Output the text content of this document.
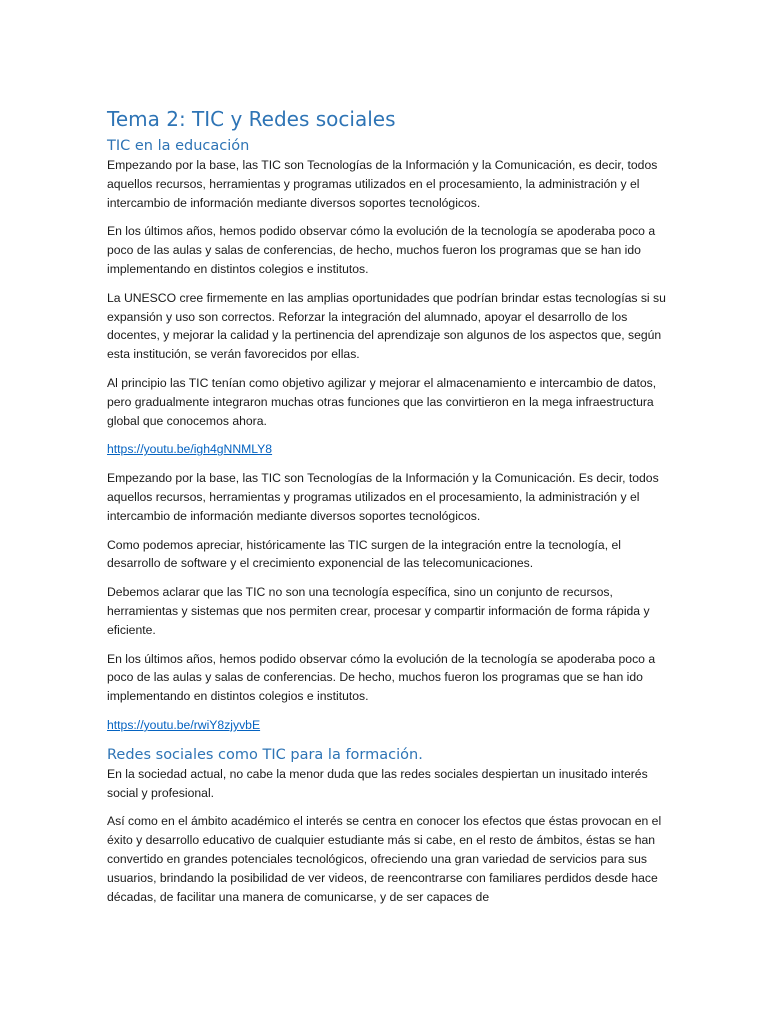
Tema 2: TIC y Redes sociales
TIC en la educación

Empezando por la base, las TIC son Tecnologías de la Información y la Comunicación, es decir, todos aquellos recursos, herramientas y programas utilizados en el procesamiento, la administración y el intercambio de información mediante diversos soportes tecnológicos.

En los últimos años, hemos podido observar cómo la evolución de la tecnología se apoderaba poco a poco de las aulas y salas de conferencias, de hecho, muchos fueron los programas que se han ido implementando en distintos colegios e institutos.

La UNESCO cree firmemente en las amplias oportunidades que podrían brindar estas tecnologías si su expansión y uso son correctos. Reforzar la integración del alumnado, apoyar el desarrollo de los docentes, y mejorar la calidad y la pertinencia del aprendizaje son algunos de los aspectos que, según esta institución, se verán favorecidos por ellas.

Al principio las TIC tenían como objetivo agilizar y mejorar el almacenamiento e intercambio de datos, pero gradualmente integraron muchas otras funciones que las convirtieron en la mega infraestructura global que conocemos ahora.

https://youtu.be/igh4gNNMLY8

Empezando por la base, las TIC son Tecnologías de la Información y la Comunicación. Es decir, todos aquellos recursos, herramientas y programas utilizados en el procesamiento, la administración y el intercambio de información mediante diversos soportes tecnológicos.

Como podemos apreciar, históricamente las TIC surgen de la integración entre la tecnología, el desarrollo de software y el crecimiento exponencial de las telecomunicaciones.

Debemos aclarar que las TIC no son una tecnología específica, sino un conjunto de recursos, herramientas y sistemas que nos permiten crear, procesar y compartir información de forma rápida y eficiente.

En los últimos años, hemos podido observar cómo la evolución de la tecnología se apoderaba poco a poco de las aulas y salas de conferencias. De hecho, muchos fueron los programas que se han ido implementando en distintos colegios e institutos.

https://youtu.be/rwiY8zjyvbE
Redes sociales como TIC para la formación.

En la sociedad actual, no cabe la menor duda que las redes sociales despiertan un inusitado interés social y profesional.

Así como en el ámbito académico el interés se centra en conocer los efectos que éstas provocan en el éxito y desarrollo educativo de cualquier estudiante más si cabe, en el resto de ámbitos, éstas se han convertido en grandes potenciales tecnológicos, ofreciendo una gran variedad de servicios para sus usuarios, brindando la posibilidad de ver videos, de reencontrarse con familiares perdidos desde hace décadas, de facilitar una manera de comunicarse, y de ser capaces de
